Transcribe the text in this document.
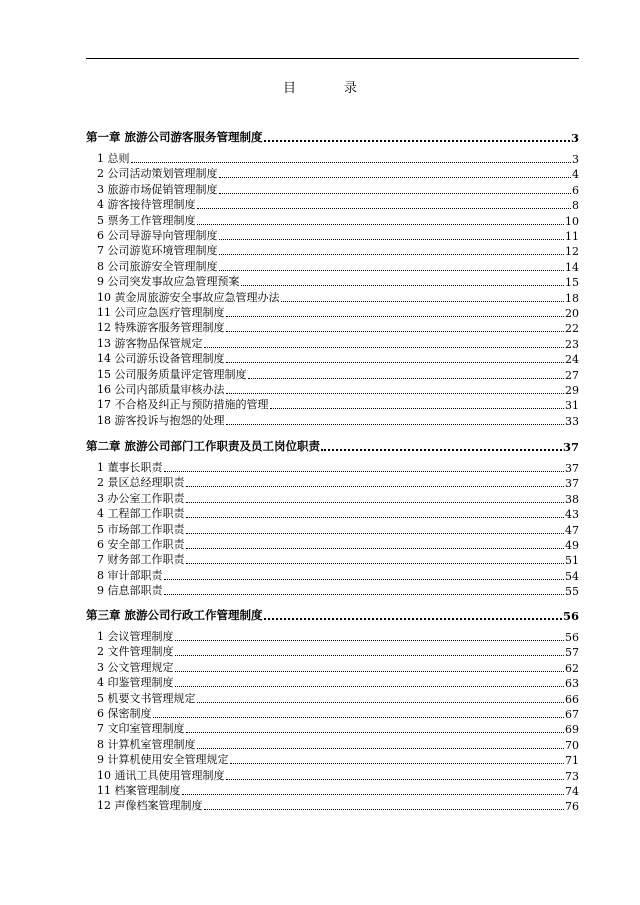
目	录
第一章 旅游公司游客服务管理制度	3
1 总则	3
2 公司活动策划管理制度	4
3 旅游市场促销管理制度	6
4 游客接待管理制度	8
5 票务工作管理制度	10
6 公司导游导向管理制度	11
7 公司游览环境管理制度	12
8 公司旅游安全管理制度	14
9 公司突发事故应急管理预案	15
10 黄金周旅游安全事故应急管理办法	18
11 公司应急医疗管理制度	20
12 特殊游客服务管理制度	22
13 游客物品保管规定	23
14 公司游乐设备管理制度	24
15 公司服务质量评定管理制度	27
16 公司内部质量审核办法	29
17 不合格及纠正与预防措施的管理	31
18 游客投诉与抱怨的处理	33
第二章 旅游公司部门工作职责及员工岗位职责	37
1 董事长职责	37
2 景区总经理职责	37
3 办公室工作职责	38
4 工程部工作职责	43
5 市场部工作职责	47
6 安全部工作职责	49
7 财务部工作职责	51
8 审计部职责	54
9 信息部职责	55
第三章 旅游公司行政工作管理制度	56
1 会议管理制度	56
2 文件管理制度	57
3 公文管理规定	62
4 印鉴管理制度	63
5 机要文书管理规定	66
6 保密制度	67
7 文印室管理制度	69
8 计算机室管理制度	70
9 计算机使用安全管理规定	71
10 通讯工具使用管理制度	73
11 档案管理制度	74
12 声像档案管理制度	76
